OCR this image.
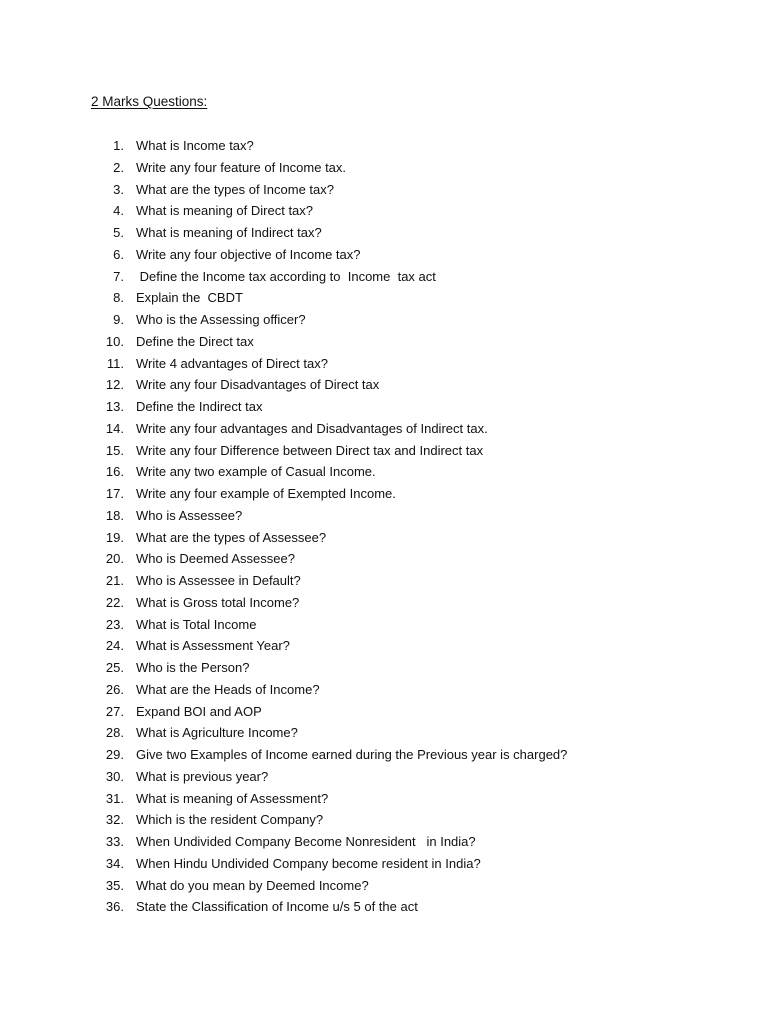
2 Marks Questions:
1. What is Income tax?
2. Write any four feature of Income tax.
3. What are the types of Income tax?
4. What is meaning of Direct tax?
5. What is meaning of Indirect tax?
6. Write any four objective of Income tax?
7. Define the Income tax according to  Income  tax act
8. Explain the  CBDT
9. Who is the Assessing officer?
10. Define the Direct tax
11. Write 4 advantages of Direct tax?
12. Write any four Disadvantages of Direct tax
13. Define the Indirect tax
14. Write any four advantages and Disadvantages of Indirect tax.
15. Write any four Difference between Direct tax and Indirect tax
16. Write any two example of Casual Income.
17. Write any four example of Exempted Income.
18. Who is Assessee?
19. What are the types of Assessee?
20. Who is Deemed Assessee?
21. Who is Assessee in Default?
22. What is Gross total Income?
23. What is Total Income
24. What is Assessment Year?
25. Who is the Person?
26. What are the Heads of Income?
27. Expand BOI and AOP
28. What is Agriculture Income?
29. Give two Examples of Income earned during the Previous year is charged?
30. What is previous year?
31. What is meaning of Assessment?
32. Which is the resident Company?
33. When Undivided Company Become Nonresident   in India?
34. When Hindu Undivided Company become resident in India?
35. What do you mean by Deemed Income?
36. State the Classification of Income u/s 5 of the act
